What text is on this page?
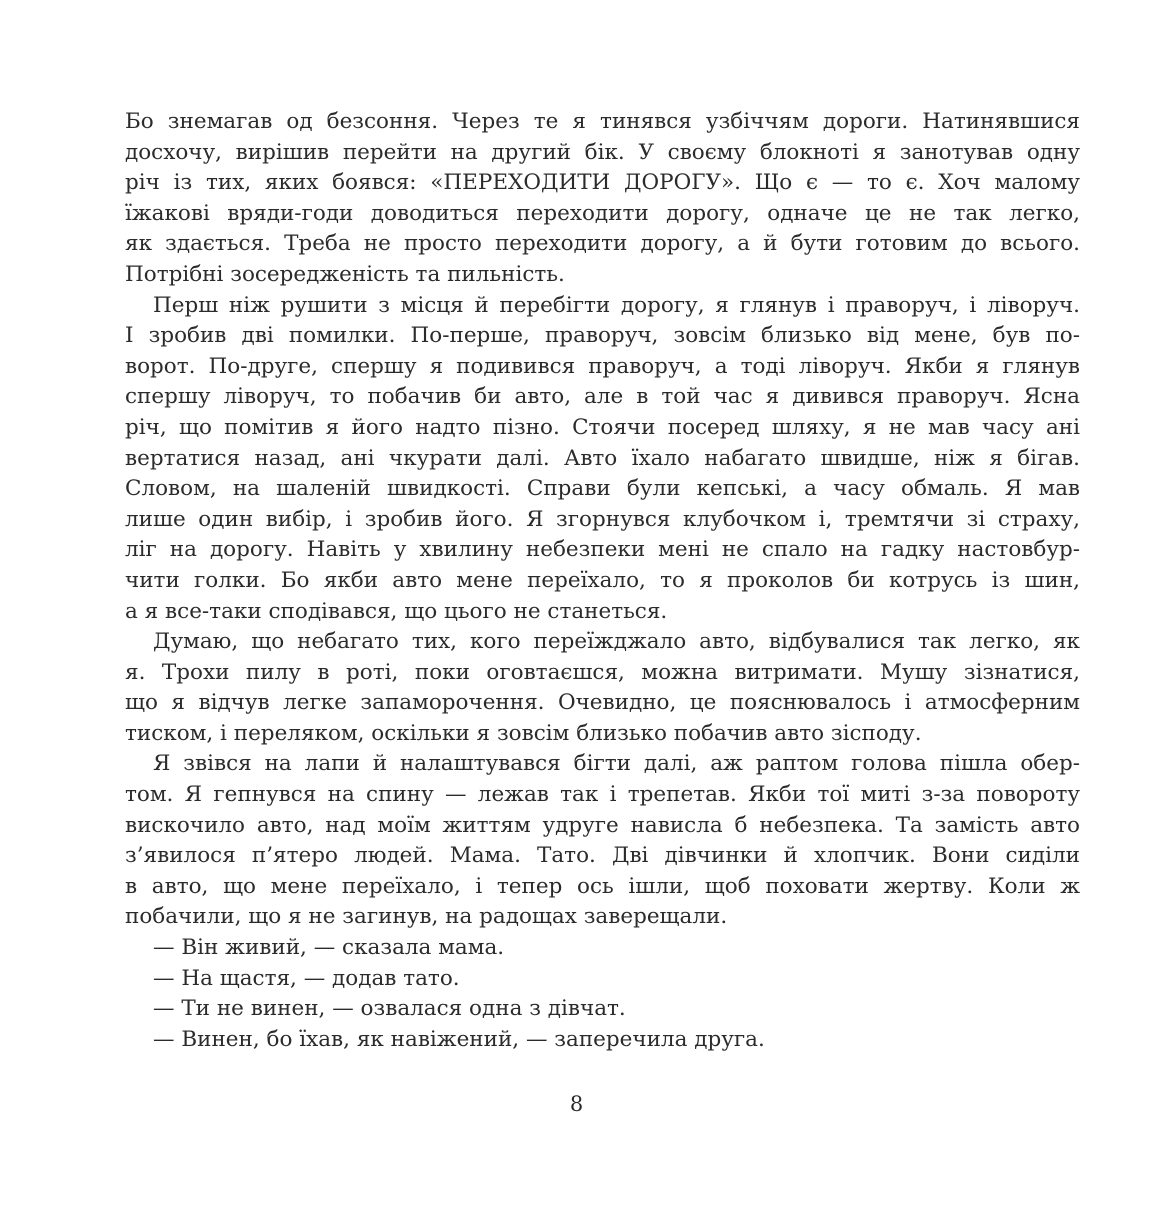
Бо знемагав од безсоння. Через те я тинявся узбіччям дороги. Натинявшися
досхочу, вирішив перейти на другий бік. У своєму блокноті я занотував одну
річ із тих, яких боявся: «ПЕРЕХОДИТИ ДОРОГУ». Що є — то є. Хоч малому
їжакові вряди-годи доводиться переходити дорогу, одначе це не так легко,
як здається. Треба не просто переходити дорогу, а й бути готовим до всього.
Потрібні зосередженість та пильність.
Перш ніж рушити з місця й перебігти дорогу, я глянув і праворуч, і ліворуч.
І зробив дві помилки. По-перше, праворуч, зовсім близько від мене, був по-
ворот. По-друге, спершу я подивився праворуч, а тоді ліворуч. Якби я глянув
спершу ліворуч, то побачив би авто, але в той час я дивився праворуч. Ясна
річ, що помітив я його надто пізно. Стоячи посеред шляху, я не мав часу ані
вертатися назад, ані чкурати далі. Авто їхало набагато швидше, ніж я бігав.
Словом, на шаленій швидкості. Справи були кепські, а часу обмаль. Я мав
лише один вибір, і зробив його. Я згорнувся клубочком і, тремтячи зі страху,
ліг на дорогу. Навіть у хвилину небезпеки мені не спало на гадку настовбур-
чити голки. Бо якби авто мене переїхало, то я проколов би котрусь із шин,
а я все-таки сподівався, що цього не станеться.
Думаю, що небагато тих, кого переїжджало авто, відбувалися так легко, як
я. Трохи пилу в роті, поки оговтаєшся, можна витримати. Мушу зізнатися,
що я відчув легке запаморочення. Очевидно, це пояснювалось і атмосферним
тиском, і переляком, оскільки я зовсім близько побачив авто зісподу.
Я звівся на лапи й налаштувався бігти далі, аж раптом голова пішла обер-
том. Я гепнувся на спину — лежав так і трепетав. Якби тої миті з-за повороту
вискочило авто, над моїм життям удруге нависла б небезпека. Та замість авто
з’явилося п’ятеро людей. Мама. Тато. Дві дівчинки й хлопчик. Вони сиділи
в авто, що мене переїхало, і тепер ось ішли, щоб поховати жертву. Коли ж
побачили, що я не загинув, на радощах заверещали.
— Він живий, — сказала мама.
— На щастя, — додав тато.
— Ти не винен, — озвалася одна з дівчат.
— Винен, бо їхав, як навіжений, — заперечила друга.
8
